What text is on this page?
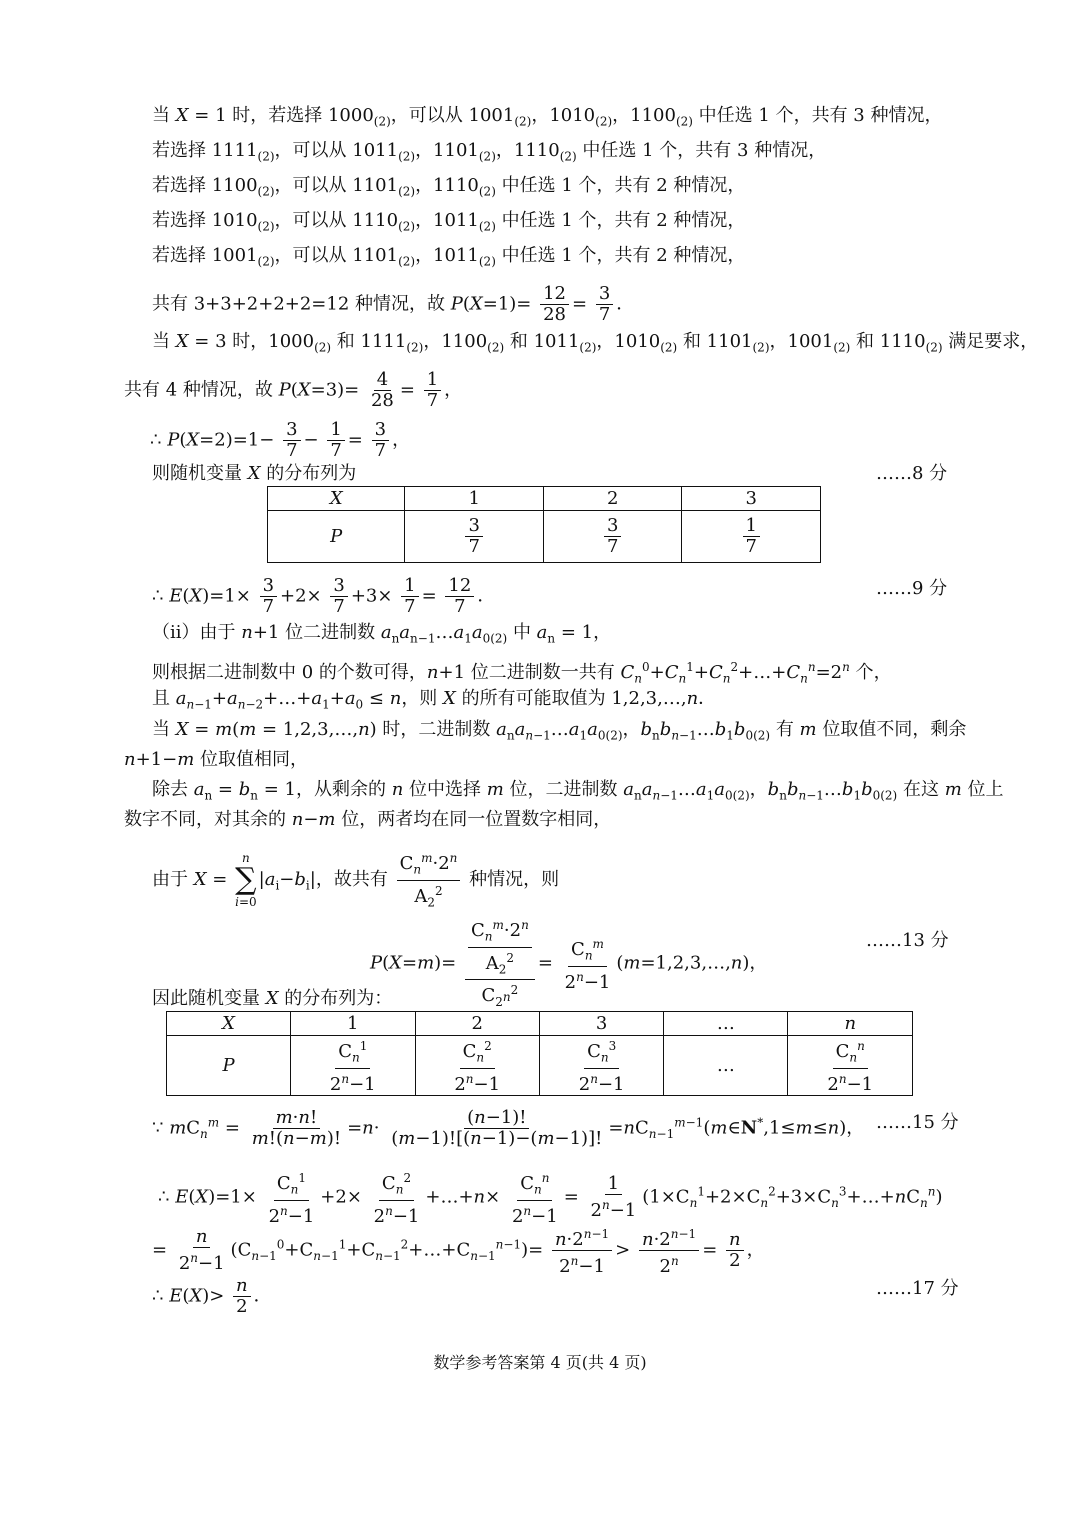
当 X = 1 时，若选择 $1000_{(2)}$，可以从 $1001_{(2)}$，$1010_{(2)}$，$1100_{(2)}$ 中任选 1 个，共有 3 种情况，
若选择 $1111_{(2)}$，可以从 $1011_{(2)}$，$1101_{(2)}$，$1110_{(2)}$ 中任选 1 个，共有 3 种情况，
若选择 $1100_{(2)}$，可以从 $1101_{(2)}$，$1110_{(2)}$ 中任选 1 个，共有 2 种情况，
若选择 $1010_{(2)}$，可以从 $1110_{(2)}$，$1011_{(2)}$ 中任选 1 个，共有 2 种情况，
若选择 $1001_{(2)}$，可以从 $1101_{(2)}$，$1011_{(2)}$ 中任选 1 个，共有 2 种情况，
共有 3+3+2+2+2=12 种情况，故 $P(X=1)= \frac{12}{28} = \frac{3}{7}$ ．
当 X = 3 时，$1000_{(2)}$ 和 $1111_{(2)}$，$1100_{(2)}$ 和 $1011_{(2)}$，$1010_{(2)}$ 和 $1101_{(2)}$，$1001_{(2)}$ 和 $1110_{(2)}$ 满足要求，
共有 4 种情况，故 $P(X=3)= \frac{4}{28} = \frac{1}{7}$ ，
∴ $P(X=2)=1- \frac{3}{7} - \frac{1}{7} = \frac{3}{7}$ ，
则随机变量 X 的分布列为	……8 分
X	1	2	3
P	$\frac{3}{7}$	$\frac{3}{7}$	$\frac{1}{7}$
∴ $E(X)=1\times \frac{3}{7} +2\times \frac{3}{7} +3\times \frac{1}{7} = \frac{12}{7}$ ．	……9 分
（ⅱ）由于 n+1 位二进制数 $a_na_{n-1}\dots a_1a_{0(2)}$ 中 $a_n = 1$，
则根据二进制数中 0 的个数可得，n+1 位二进制数一共有 $C_n^0+C_n^1+C_n^2+\dots+C_n^n=2^n$ 个，
且 $a_{n-1}+a_{n-2}+\dots+a_1+a_0 \le n$，则 X 的所有可能取值为 1,2,3,…,n．
当 X = m(m = 1,2,3,…,n) 时，二进制数 $a_na_{n-1}\dots a_1a_{0(2)}$，$b_nb_{n-1}\dots b_1b_{0(2)}$ 有 m 位取值不同，剩余
n+1−m 位取值相同，
除去 $a_n = b_n = 1$，从剩余的 n 位中选择 m 位，二进制数 $a_na_{n-1}\dots a_1a_{0(2)}$，$b_nb_{n-1}\dots b_1b_{0(2)}$ 在这 m 位上
数字不同，对其余的 n−m 位，两者均在同一位置数字相同，
由于 X =
n
∑
i=0
$|a_i-b_i|$，故共有 $\frac{C_n^m\cdot 2^n}{A_2^2}$ 种情况，则
$P(X=m)= \frac{\frac{C_n^m\cdot 2^n}{A_2^2}}{C_{2^n}^2} = \frac{C_n^m}{2^n-1}$ (m=1,2,3,…,n)，
……13 分
因此随机变量 X 的分布列为：
X	1	2	3	…	n
P	$\frac{C_n^1}{2^n-1}$	$\frac{C_n^2}{2^n-1}$	$\frac{C_n^3}{2^n-1}$	…	$\frac{C_n^n}{2^n-1}$
∵ $mC_n^m = \frac{m\cdot n!}{m!(n-m)!} =n\cdot \frac{(n-1)!}{(m-1)![(n-1)-(m-1)]!}$ $=nC_{n-1}^{m-1}(m\in N^*,1\le m\le n)$， ……15 分
∴ $E(X)=1\times \frac{C_n^1}{2^n-1} +2\times \frac{C_n^2}{2^n-1}$ +…+n× $\frac{C_n^n}{2^n-1} = \frac{1}{2^n-1}$ $(1\times C_n^1+2\times C_n^2+3\times C_n^3+\dots+nC_n^n)$
= $\frac{n}{2^n-1}$ $(C_{n-1}^0+C_{n-1}^1+C_{n-1}^2+\dots+C_{n-1}^{n-1})= \frac{n\cdot 2^{n-1}}{2^n-1} > \frac{n\cdot 2^{n-1}}{2^n} = \frac{n}{2}$ ，
∴ $E(X)> \frac{n}{2}$ ．	……17 分
数学参考答案第 4 页(共 4 页)
